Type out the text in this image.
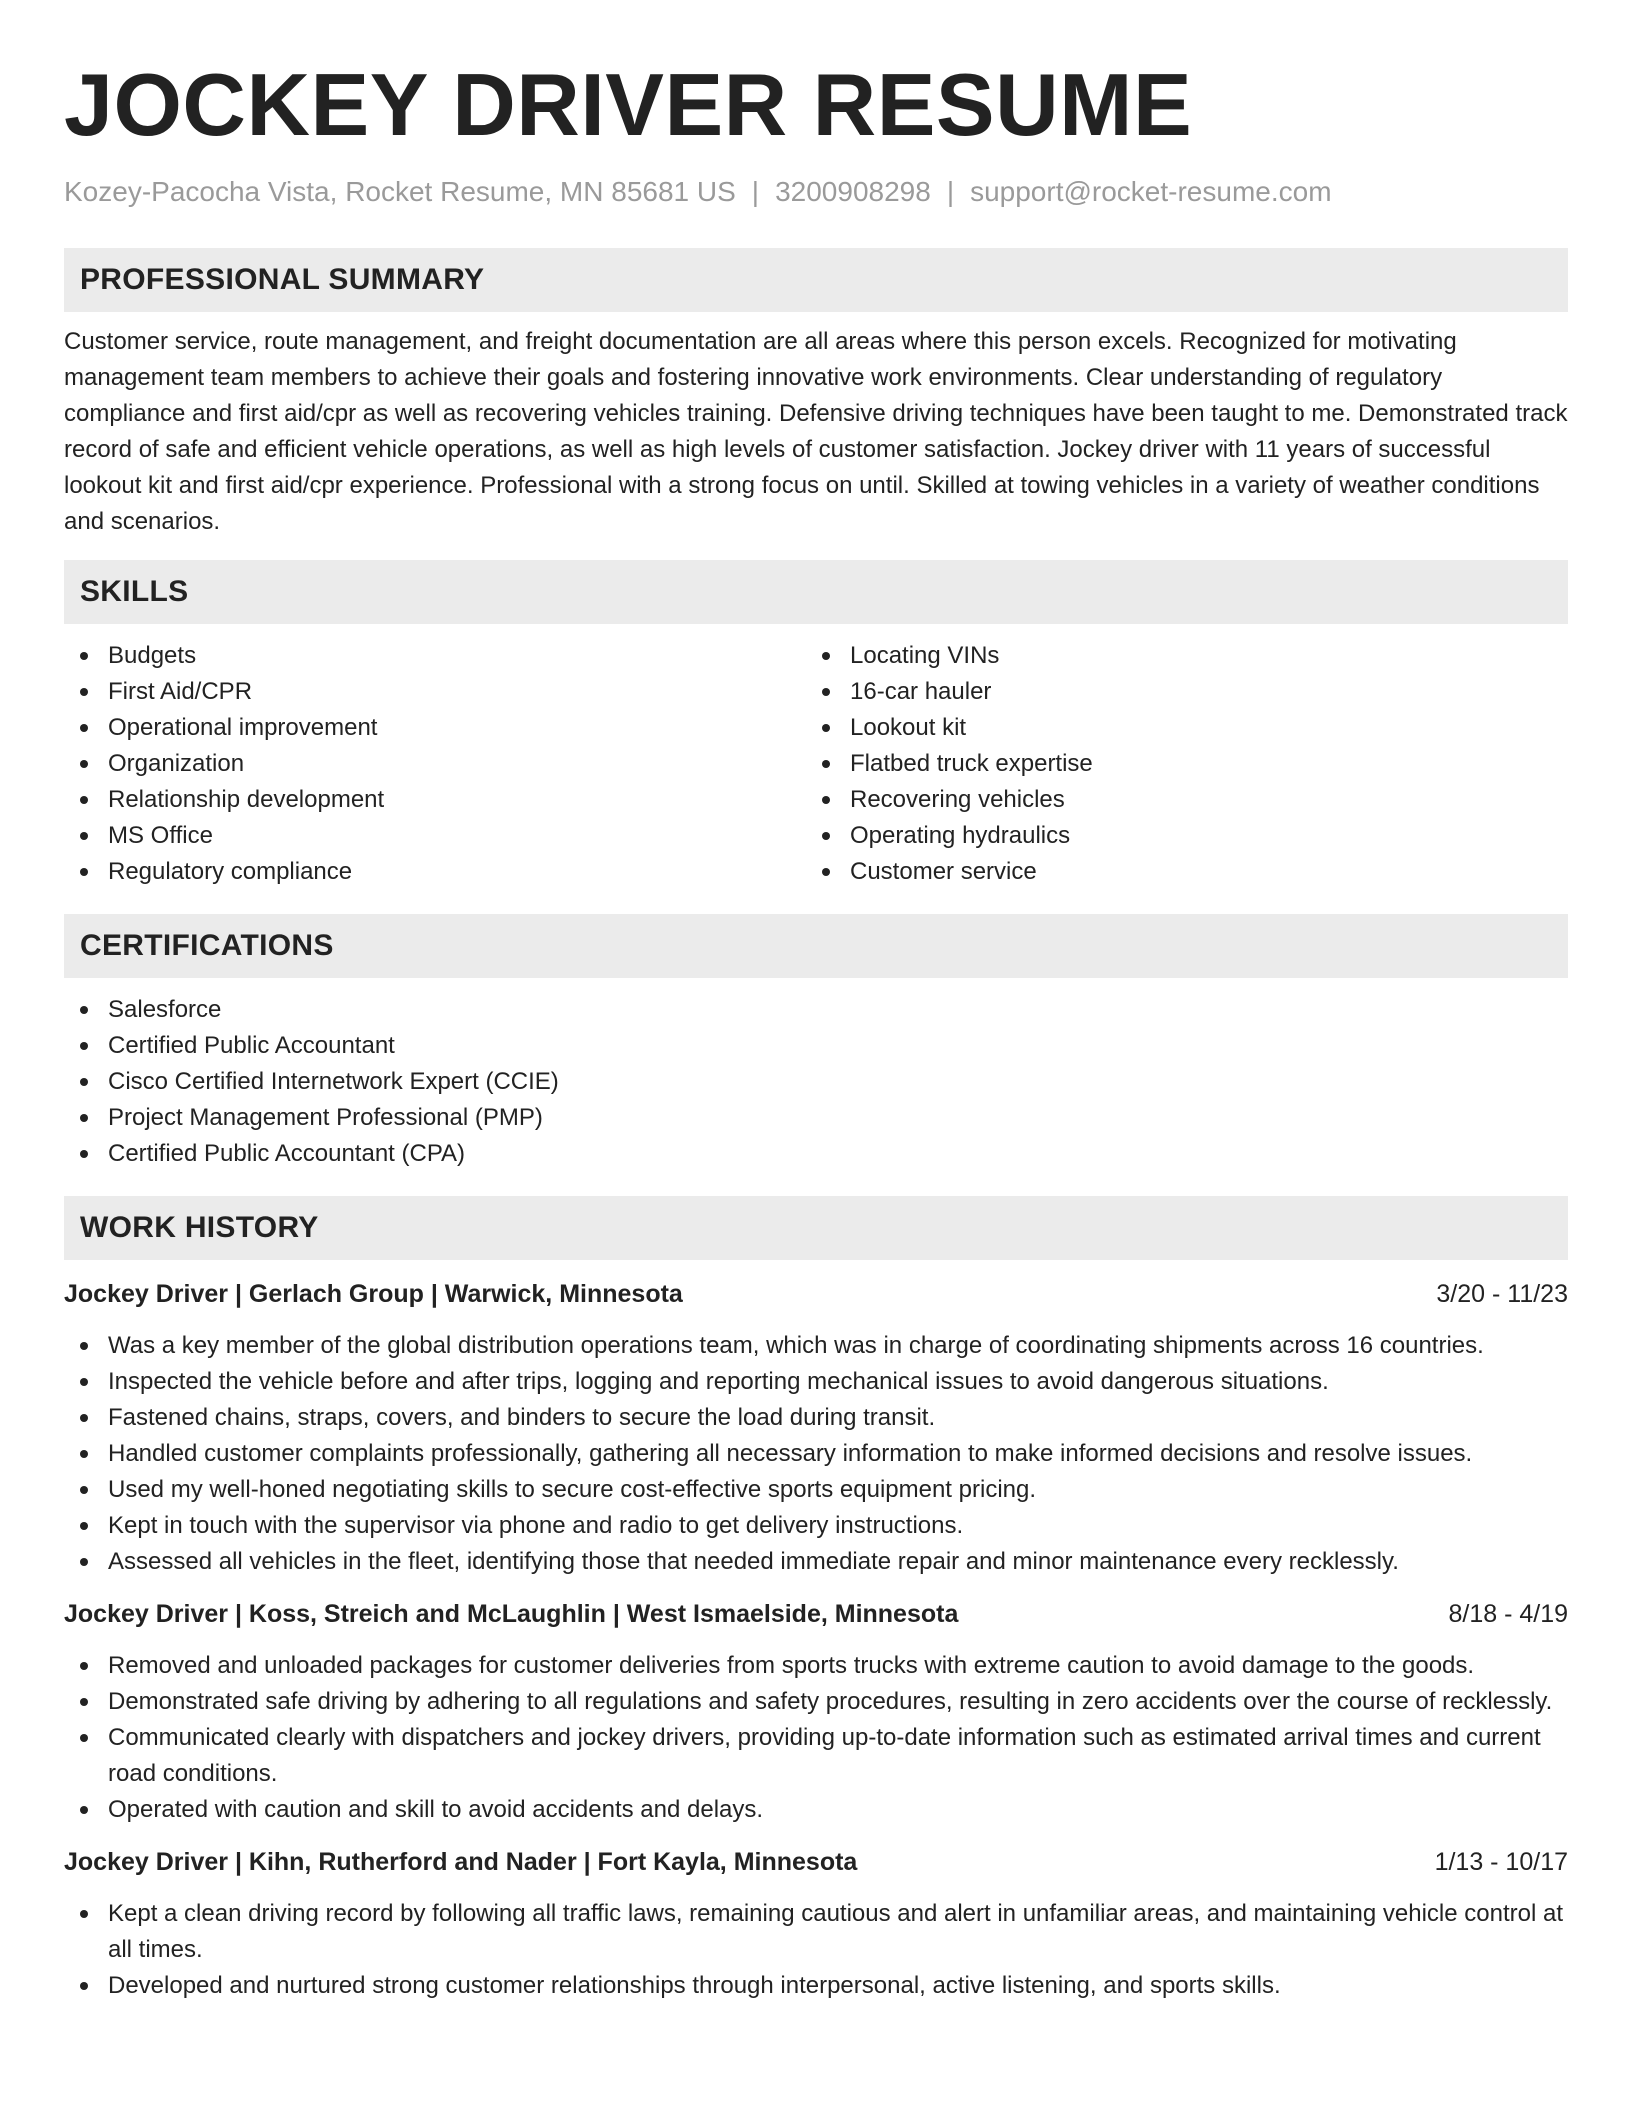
JOCKEY DRIVER RESUME
Kozey-Pacocha Vista, Rocket Resume, MN 85681 US | 3200908298 | support@rocket-resume.com
PROFESSIONAL SUMMARY
Customer service, route management, and freight documentation are all areas where this person excels. Recognized for motivating management team members to achieve their goals and fostering innovative work environments. Clear understanding of regulatory compliance and first aid/cpr as well as recovering vehicles training. Defensive driving techniques have been taught to me. Demonstrated track record of safe and efficient vehicle operations, as well as high levels of customer satisfaction. Jockey driver with 11 years of successful lookout kit and first aid/cpr experience. Professional with a strong focus on until. Skilled at towing vehicles in a variety of weather conditions and scenarios.
SKILLS
Budgets
First Aid/CPR
Operational improvement
Organization
Relationship development
MS Office
Regulatory compliance
Locating VINs
16-car hauler
Lookout kit
Flatbed truck expertise
Recovering vehicles
Operating hydraulics
Customer service
CERTIFICATIONS
Salesforce
Certified Public Accountant
Cisco Certified Internetwork Expert (CCIE)
Project Management Professional (PMP)
Certified Public Accountant (CPA)
WORK HISTORY
Jockey Driver | Gerlach Group | Warwick, Minnesota	3/20 - 11/23
Was a key member of the global distribution operations team, which was in charge of coordinating shipments across 16 countries.
Inspected the vehicle before and after trips, logging and reporting mechanical issues to avoid dangerous situations.
Fastened chains, straps, covers, and binders to secure the load during transit.
Handled customer complaints professionally, gathering all necessary information to make informed decisions and resolve issues.
Used my well-honed negotiating skills to secure cost-effective sports equipment pricing.
Kept in touch with the supervisor via phone and radio to get delivery instructions.
Assessed all vehicles in the fleet, identifying those that needed immediate repair and minor maintenance every recklessly.
Jockey Driver | Koss, Streich and McLaughlin | West Ismaelside, Minnesota	8/18 - 4/19
Removed and unloaded packages for customer deliveries from sports trucks with extreme caution to avoid damage to the goods.
Demonstrated safe driving by adhering to all regulations and safety procedures, resulting in zero accidents over the course of recklessly.
Communicated clearly with dispatchers and jockey drivers, providing up-to-date information such as estimated arrival times and current road conditions.
Operated with caution and skill to avoid accidents and delays.
Jockey Driver | Kihn, Rutherford and Nader | Fort Kayla, Minnesota	1/13 - 10/17
Kept a clean driving record by following all traffic laws, remaining cautious and alert in unfamiliar areas, and maintaining vehicle control at all times.
Developed and nurtured strong customer relationships through interpersonal, active listening, and sports skills.
